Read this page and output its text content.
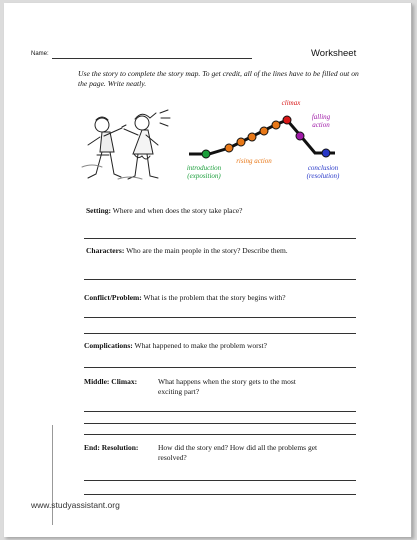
Name:	Worksheet
Use the story to complete the story map. To get credit, all of the lines have to be filled out on the page. Write neatly.
introduction
(exposition)
rising action
climax
falling
action
conclusion
(resolution)
Setting: Where and when does the story take place?
Characters: Who are the main people in the story? Describe them.
Conflict/Problem: What is the problem that the story begins with?
Complications: What happened to make the problem worst?
Middle: Climax:	What happens when the story gets to the most
exciting part?
End: Resolution:	How did the story end? How did all the problems get
resolved?
www.studyassistant.org
